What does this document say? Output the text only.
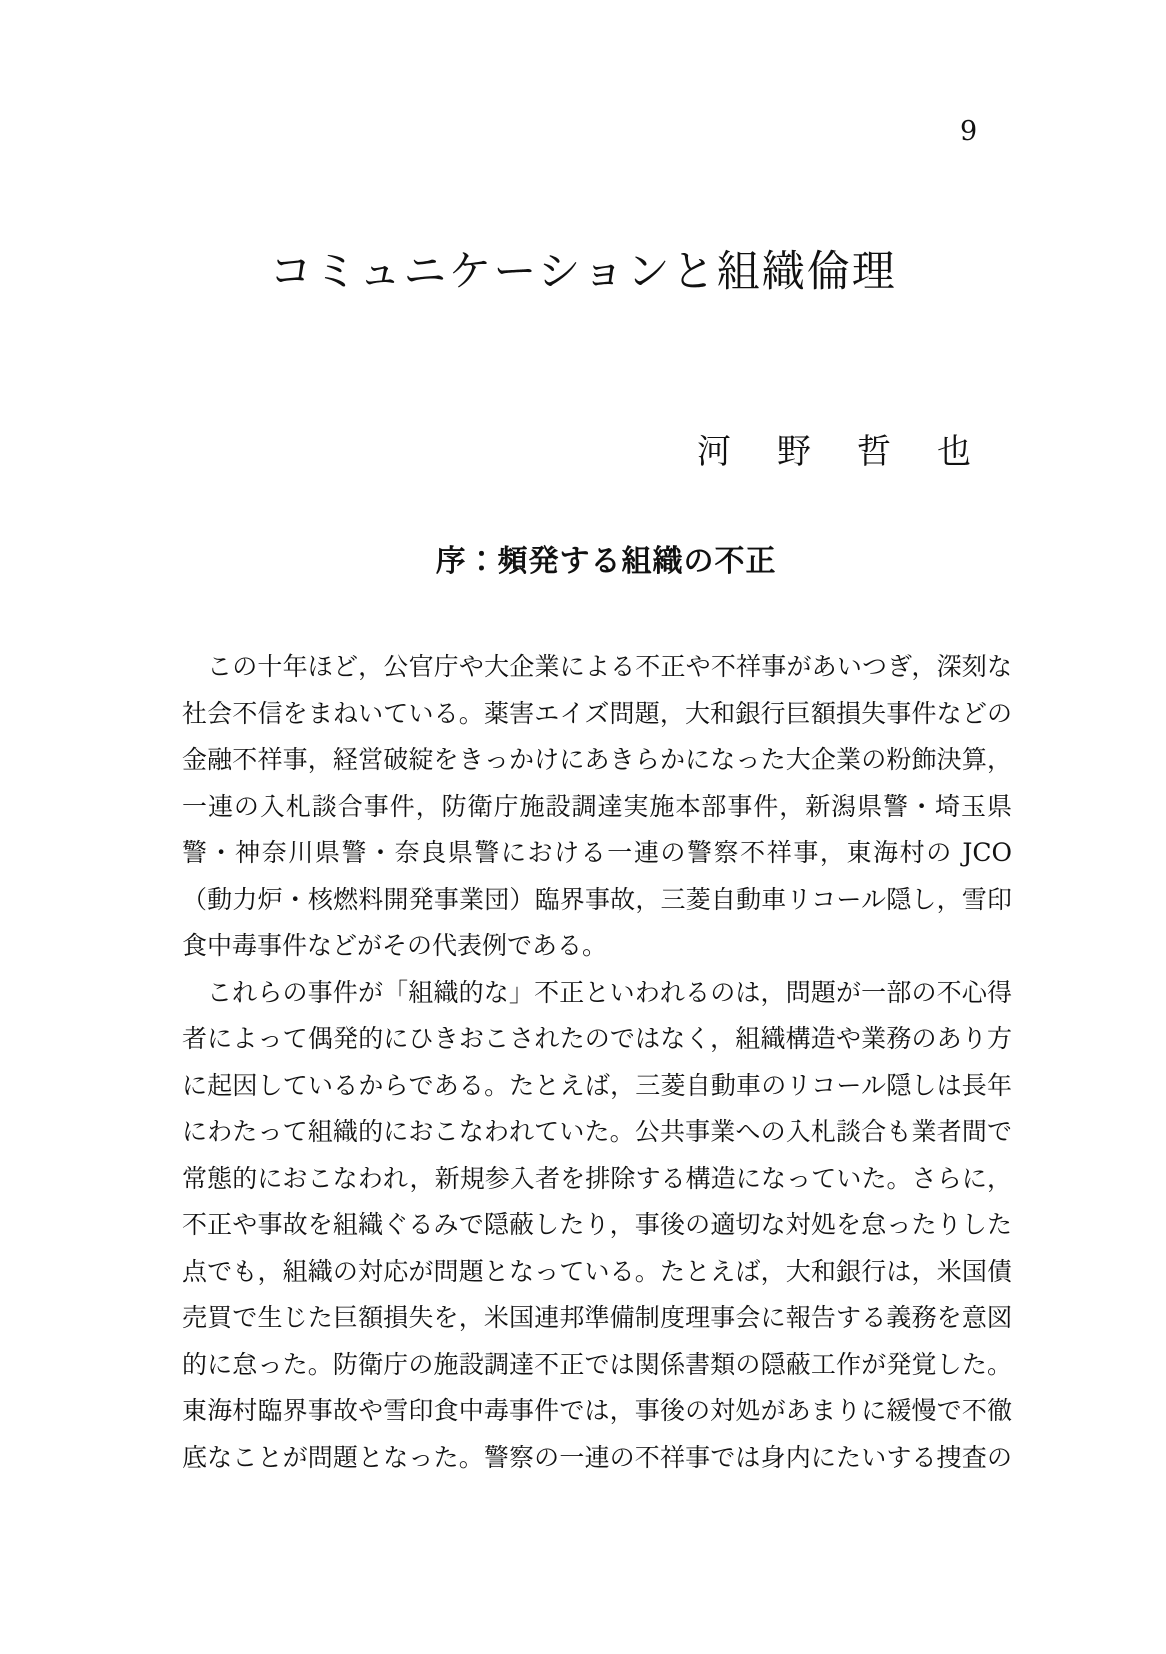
9
コミュニケーションと組織倫理
河野哲也
序：頻発する組織の不正
この十年ほど，公官庁や大企業による不正や不祥事があいつぎ，深刻な
社会不信をまねいている。薬害エイズ問題，大和銀行巨額損失事件などの
金融不祥事，経営破綻をきっかけにあきらかになった大企業の粉飾決算，
一連の入札談合事件，防衛庁施設調達実施本部事件，新潟県警・埼玉県
警・神奈川県警・奈良県警における一連の警察不祥事，東海村の JCO
（動力炉・核燃料開発事業団）臨界事故，三菱自動車リコール隠し，雪印
食中毒事件などがその代表例である。
これらの事件が「組織的な」不正といわれるのは，問題が一部の不心得
者によって偶発的にひきおこされたのではなく，組織構造や業務のあり方
に起因しているからである。たとえば，三菱自動車のリコール隠しは長年
にわたって組織的におこなわれていた。公共事業への入札談合も業者間で
常態的におこなわれ，新規参入者を排除する構造になっていた。さらに，
不正や事故を組織ぐるみで隠蔽したり，事後の適切な対処を怠ったりした
点でも，組織の対応が問題となっている。たとえば，大和銀行は，米国債
売買で生じた巨額損失を，米国連邦準備制度理事会に報告する義務を意図
的に怠った。防衛庁の施設調達不正では関係書類の隠蔽工作が発覚した。
東海村臨界事故や雪印食中毒事件では，事後の対処があまりに緩慢で不徹
底なことが問題となった。警察の一連の不祥事では身内にたいする捜査の
